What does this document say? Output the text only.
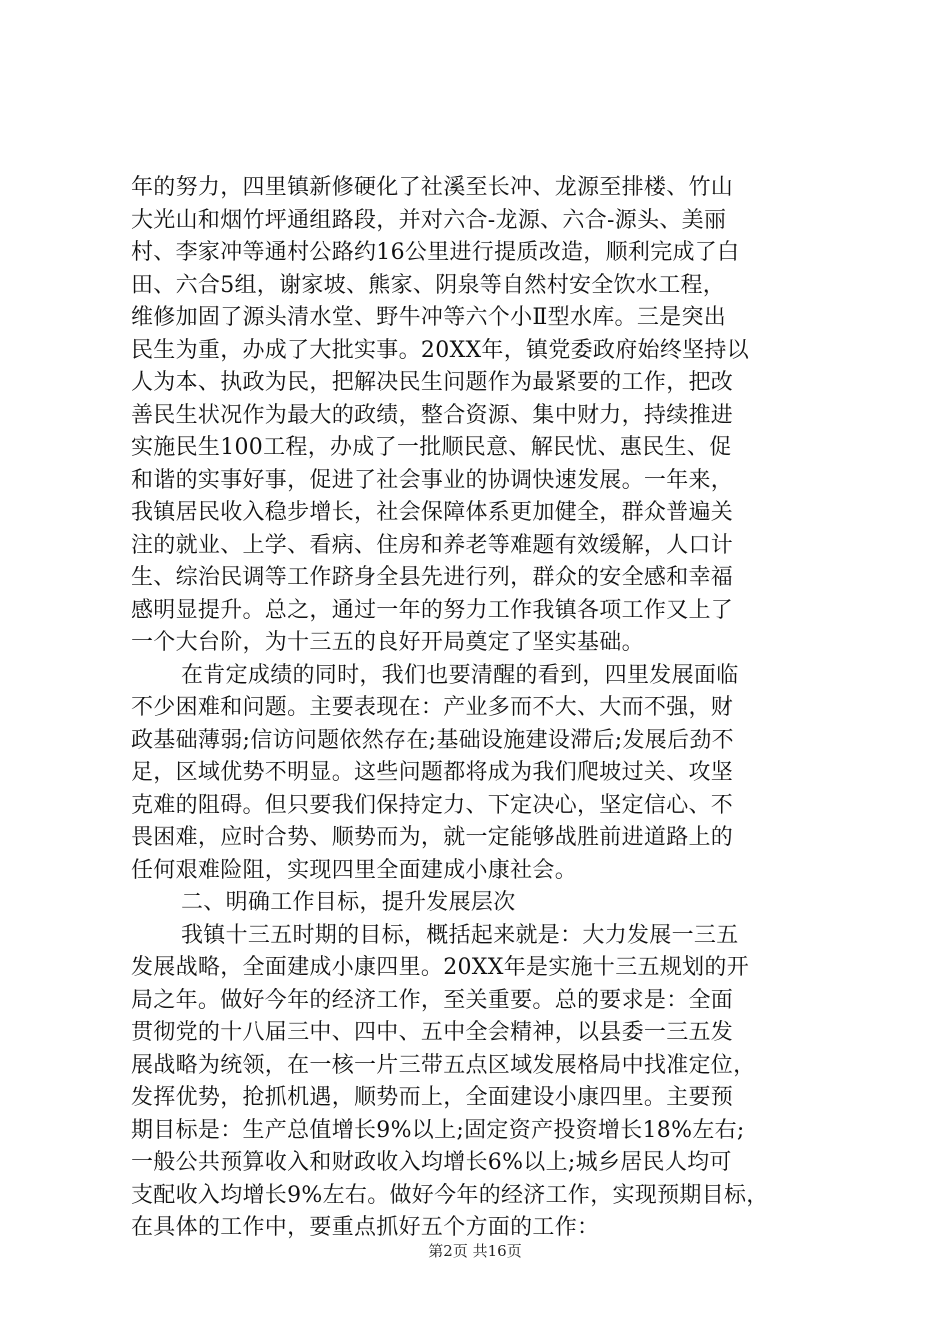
年的努力，四里镇新修硬化了社溪至长冲、龙源至排楼、竹山
大光山和烟竹坪通组路段，并对六合-龙源、六合-源头、美丽
村、李家冲等通村公路约16公里进行提质改造，顺利完成了白
田、六合5组，谢家坡、熊家、阴泉等自然村安全饮水工程，
维修加固了源头清水堂、野牛冲等六个小Ⅱ型水库。三是突出
民生为重，办成了大批实事。20XX年，镇党委政府始终坚持以
人为本、执政为民，把解决民生问题作为最紧要的工作，把改
善民生状况作为最大的政绩，整合资源、集中财力，持续推进
实施民生100工程，办成了一批顺民意、解民忧、惠民生、促
和谐的实事好事，促进了社会事业的协调快速发展。一年来，
我镇居民收入稳步增长，社会保障体系更加健全，群众普遍关
注的就业、上学、看病、住房和养老等难题有效缓解，人口计
生、综治民调等工作跻身全县先进行列，群众的安全感和幸福
感明显提升。总之，通过一年的努力工作我镇各项工作又上了
一个大台阶，为十三五的良好开局奠定了坚实基础。
在肯定成绩的同时，我们也要清醒的看到，四里发展面临
不少困难和问题。主要表现在：产业多而不大、大而不强，财
政基础薄弱;信访问题依然存在;基础设施建设滞后;发展后劲不
足，区域优势不明显。这些问题都将成为我们爬坡过关、攻坚
克难的阻碍。但只要我们保持定力、下定决心，坚定信心、不
畏困难，应时合势、顺势而为，就一定能够战胜前进道路上的
任何艰难险阻，实现四里全面建成小康社会。
二、明确工作目标，提升发展层次
我镇十三五时期的目标，概括起来就是：大力发展一三五
发展战略，全面建成小康四里。20XX年是实施十三五规划的开
局之年。做好今年的经济工作，至关重要。总的要求是：全面
贯彻党的十八届三中、四中、五中全会精神，以县委一三五发
展战略为统领，在一核一片三带五点区域发展格局中找准定位，
发挥优势，抢抓机遇，顺势而上，全面建设小康四里。主要预
期目标是：生产总值增长9%以上;固定资产投资增长18%左右;
一般公共预算收入和财政收入均增长6%以上;城乡居民人均可
支配收入均增长9%左右。做好今年的经济工作，实现预期目标，
在具体的工作中，要重点抓好五个方面的工作：
第2页 共16页
